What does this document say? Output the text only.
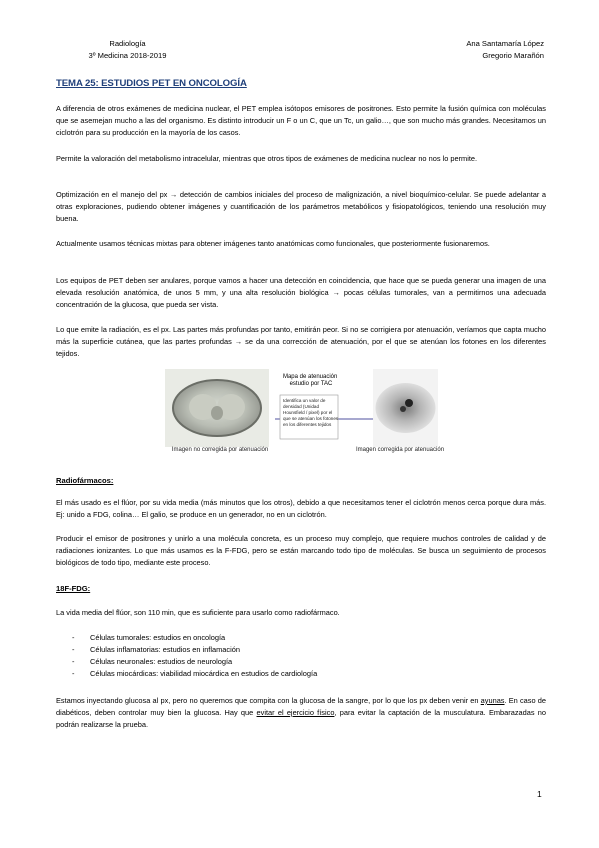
Radiología
3º Medicina 2018-2019
Ana Santamaría López
Gregorio Marañón
TEMA 25: ESTUDIOS PET EN ONCOLOGÍA

A diferencia de otros exámenes de medicina nuclear, el PET emplea isótopos emisores de positrones. Esto permite la fusión química con moléculas que se asemejan mucho a las del organismo. Es distinto introducir un F o un C, que un Tc, un galio…, que son mucho más grandes. Necesitamos un ciclotrón para su producción en la mayoría de los casos.

Permite la valoración del metabolismo intracelular, mientras que otros tipos de exámenes de medicina nuclear no nos lo permite.

Optimización en el manejo del px → detección de cambios iniciales del proceso de malignización, a nivel bioquímico-celular. Se puede adelantar a otras exploraciones, pudiendo obtener imágenes y cuantificación de los parámetros metabólicos y fisiopatológicos, teniendo una resolución muy buena.

Actualmente usamos técnicas mixtas para obtener imágenes tanto anatómicas como funcionales, que posteriormente fusionaremos.

Los equipos de PET deben ser anulares, porque vamos a hacer una detección en coincidencia, que hace que se pueda generar una imagen de una elevada resolución anatómica, de unos 5 mm, y una alta resolución biológica → pocas células tumorales, van a permitirnos una adecuada concentración de la glucosa, que pueda ser vista.

Lo que emite la radiación, es el px. Las partes más profundas por tanto, emitirán peor. Si no se corrigiera por atenuación, veríamos que capta mucho más la superficie cutánea, que las partes profundas → se da una corrección de atenuación, por el que se atenúan los fotones en los diferentes tejidos.

Mapa de atenuación estudio por TAC
Identifica un valor de densidad (Unidad Hounsfield / pixel) por el que se atenúan los fotones en los diferentes tejidos
Imagen no corregida por atenuación	Imagen corregida por atenuación
Radiofármacos:

El más usado es el flúor, por su vida media (más minutos que los otros), debido a que necesitamos tener el ciclotrón menos cerca porque dura más. Ej: unido a FDG, colina… El galio, se produce en un generador, no en un ciclotrón.

Producir el emisor de positrones y unirlo a una molécula concreta, es un proceso muy complejo, que requiere muchos controles de calidad y de radiaciones ionizantes. Lo que más usamos es la F-FDG, pero se están marcando todo tipo de moléculas. Se busca un seguimiento de procesos biológicos de todo tipo, mediante este proceso.

18F-FDG:

La vida media del flúor, son 110 min, que es suficiente para usarlo como radiofármaco.

- Células tumorales: estudios en oncología
- Células inflamatorias: estudios en inflamación
- Células neuronales: estudios de neurología
- Células miocárdicas: viabilidad miocárdica en estudios de cardiología

Estamos inyectando glucosa al px, pero no queremos que compita con la glucosa de la sangre, por lo que los px deben venir en ayunas. En caso de diabéticos, deben controlar muy bien la glucosa. Hay que evitar el ejercicio físico, para evitar la captación de la musculatura. Embarazadas no podrán realizarse la prueba.

1
